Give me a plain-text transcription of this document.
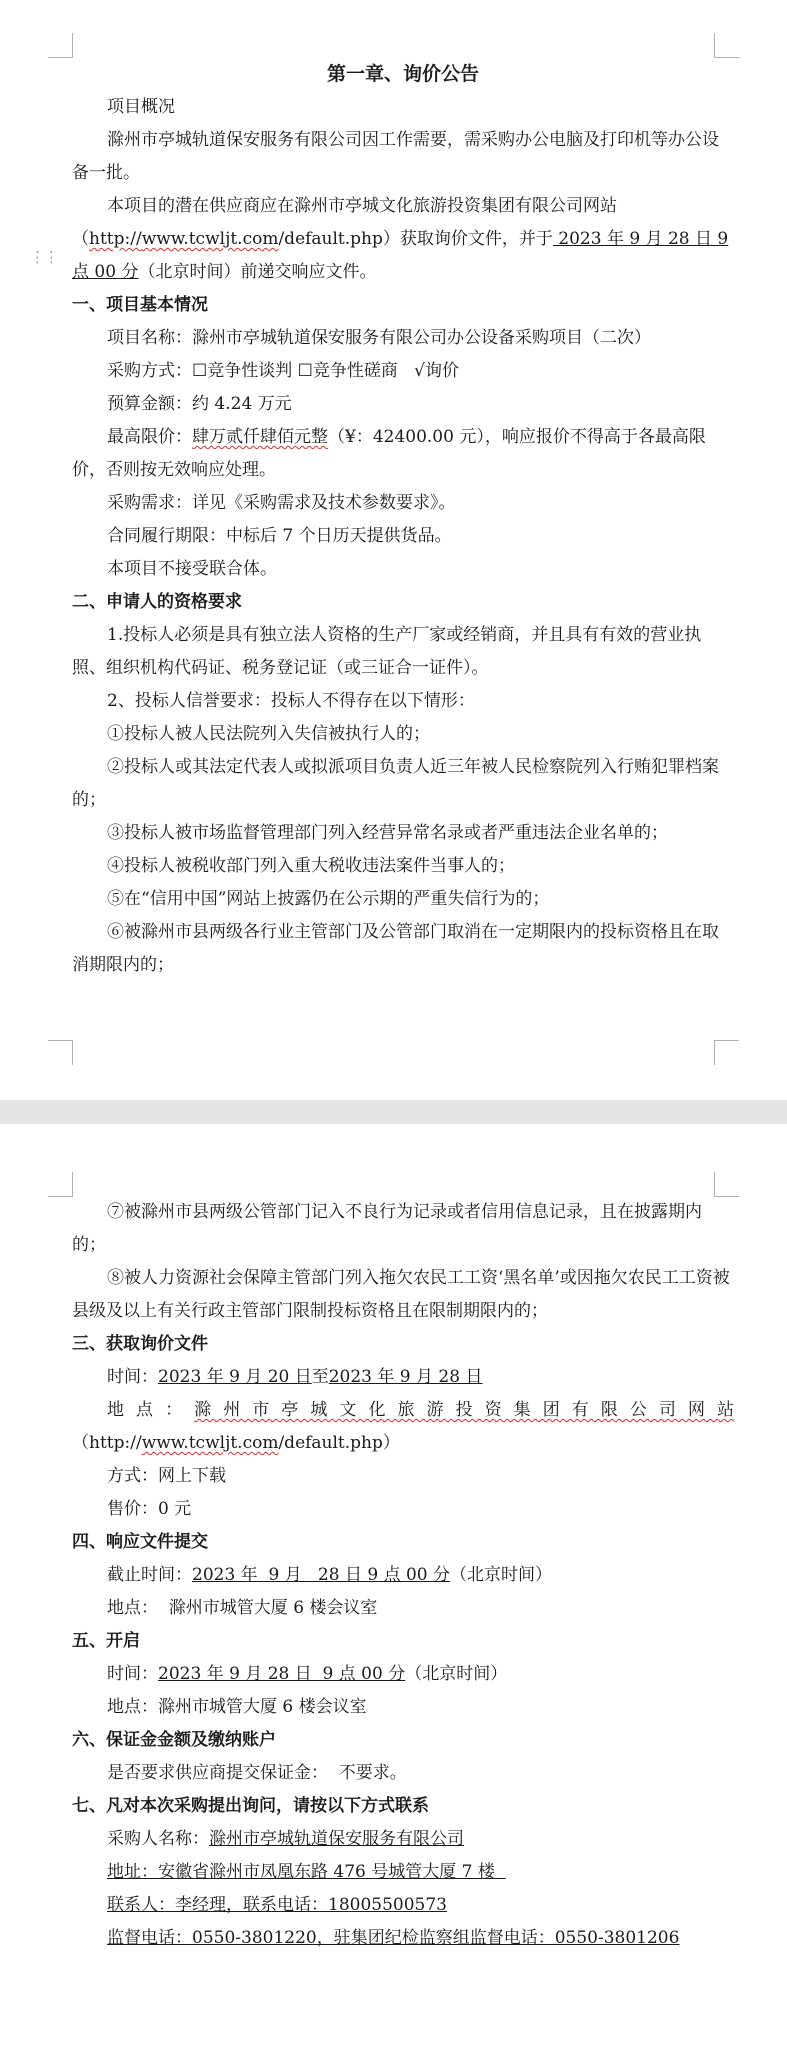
⋮⋮

第一章、询价公告

项目概况

滁州市亭城轨道保安服务有限公司因工作需要，需采购办公电脑及打印机等办公设备一批。

本项目的潜在供应商应在滁州市亭城文化旅游投资集团有限公司网站（http://www.tcwljt.com/default.php）获取询价文件，并于 2023 年 9 月 28 日 9 点 00 分（北京时间）前递交响应文件。

一、项目基本情况

项目名称：滁州市亭城轨道保安服务有限公司办公设备采购项目（二次）

采购方式：☐竞争性谈判 ☐竞争性磋商 √询价

预算金额：约 4.24 万元

最高限价：肆万贰仟肆佰元整（¥：42400.00 元），响应报价不得高于各最高限价，否则按无效响应处理。

采购需求：详见《采购需求及技术参数要求》。

合同履行期限：中标后 7 个日历天提供货品。

本项目不接受联合体。

二、申请人的资格要求

1.投标人必须是具有独立法人资格的生产厂家或经销商，并且具有有效的营业执照、组织机构代码证、税务登记证（或三证合一证件）。

2、投标人信誉要求：投标人不得存在以下情形：

①投标人被人民法院列入失信被执行人的；

②投标人或其法定代表人或拟派项目负责人近三年被人民检察院列入行贿犯罪档案的；

③投标人被市场监督管理部门列入经营异常名录或者严重违法企业名单的；

④投标人被税收部门列入重大税收违法案件当事人的；

⑤在“信用中国”网站上披露仍在公示期的严重失信行为的；

⑥被滁州市县两级各行业主管部门及公管部门取消在一定期限内的投标资格且在取消期限内的；

⑦被滁州市县两级公管部门记入不良行为记录或者信用信息记录，且在披露期内的；

⑧被人力资源社会保障主管部门列入拖欠农民工工资‘黑名单’或因拖欠农民工工资被县级及以上有关行政主管部门限制投标资格且在限制期限内的；

三、获取询价文件

时间：2023 年 9 月 20 日至2023 年 9 月 28 日

地点：滁州市亭城文化旅游投资集团有限公司网站

（http://www.tcwljt.com/default.php）

方式：网上下载

售价：0 元

四、响应文件提交

截止时间：2023 年  9 月   28 日 9 点 00 分（北京时间）

地点：  滁州市城管大厦 6 楼会议室

五、开启

时间：2023 年 9 月 28 日  9 点 00 分（北京时间）

地点：滁州市城管大厦 6 楼会议室

六、保证金金额及缴纳账户

是否要求供应商提交保证金：  不要求。

七、凡对本次采购提出询问，请按以下方式联系

采购人名称：滁州市亭城轨道保安服务有限公司

地址：安徽省滁州市凤凰东路 476 号城管大厦 7 楼

联系人：李经理，联系电话：18005500573

监督电话：0550-3801220，驻集团纪检监察组监督电话：0550-3801206
